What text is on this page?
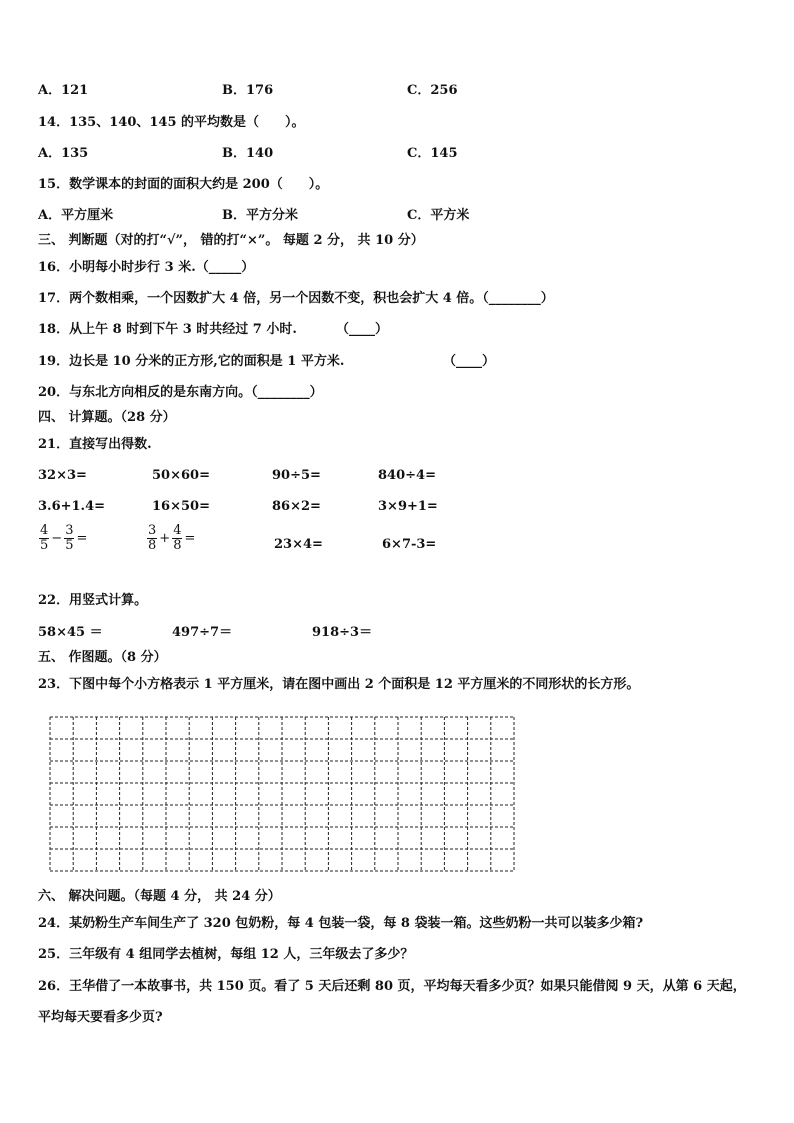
A．121	B．176	C．256
14．135、140、145 的平均数是（　　）。
A．135	B．140	C．145
15．数学课本的封面的面积大约是 200（　　）。
A．平方厘米	B．平方分米	C．平方米
三、 判断题（对的打“√”， 错的打“×”。 每题 2 分， 共 10 分）
16．小明每小时步行 3 米.（_____）
17．两个数相乘，一个因数扩大 4 倍，另一个因数不变，积也会扩大 4 倍。（________）
18．从上午 8 时到下午 3 时共经过 7 小时.	（____）
19．边长是 10 分米的正方形,它的面积是 1 平方米.	（____）
20．与东北方向相反的是东南方向。（________）
四、 计算题。（28 分）
21．直接写出得数.
32×3=	50×60=	90÷5=	840÷4=
3.6+1.4=	16×50=	86×2=	3×9+1=
$\frac{4}{5} - \frac{3}{5}$ =	$\frac{3}{8} + \frac{4}{8}$ =	23×4=	6×7-3=
22．用竖式计算。
58×45 ＝	497÷7＝	918÷3＝
五、 作图题。（8 分）
23．下图中每个小方格表示 1 平方厘米，请在图中画出 2 个面积是 12 平方厘米的不同形状的长方形。
六、 解决问题。（每题 4 分， 共 24 分）
24．某奶粉生产车间生产了 320 包奶粉，每 4 包装一袋，每 8 袋装一箱。这些奶粉一共可以装多少箱?
25．三年级有 4 组同学去植树，每组 12 人，三年级去了多少？
26．王华借了一本故事书，共 150 页。看了 5 天后还剩 80 页，平均每天看多少页？如果只能借阅 9 天，从第 6 天起，
平均每天要看多少页?
